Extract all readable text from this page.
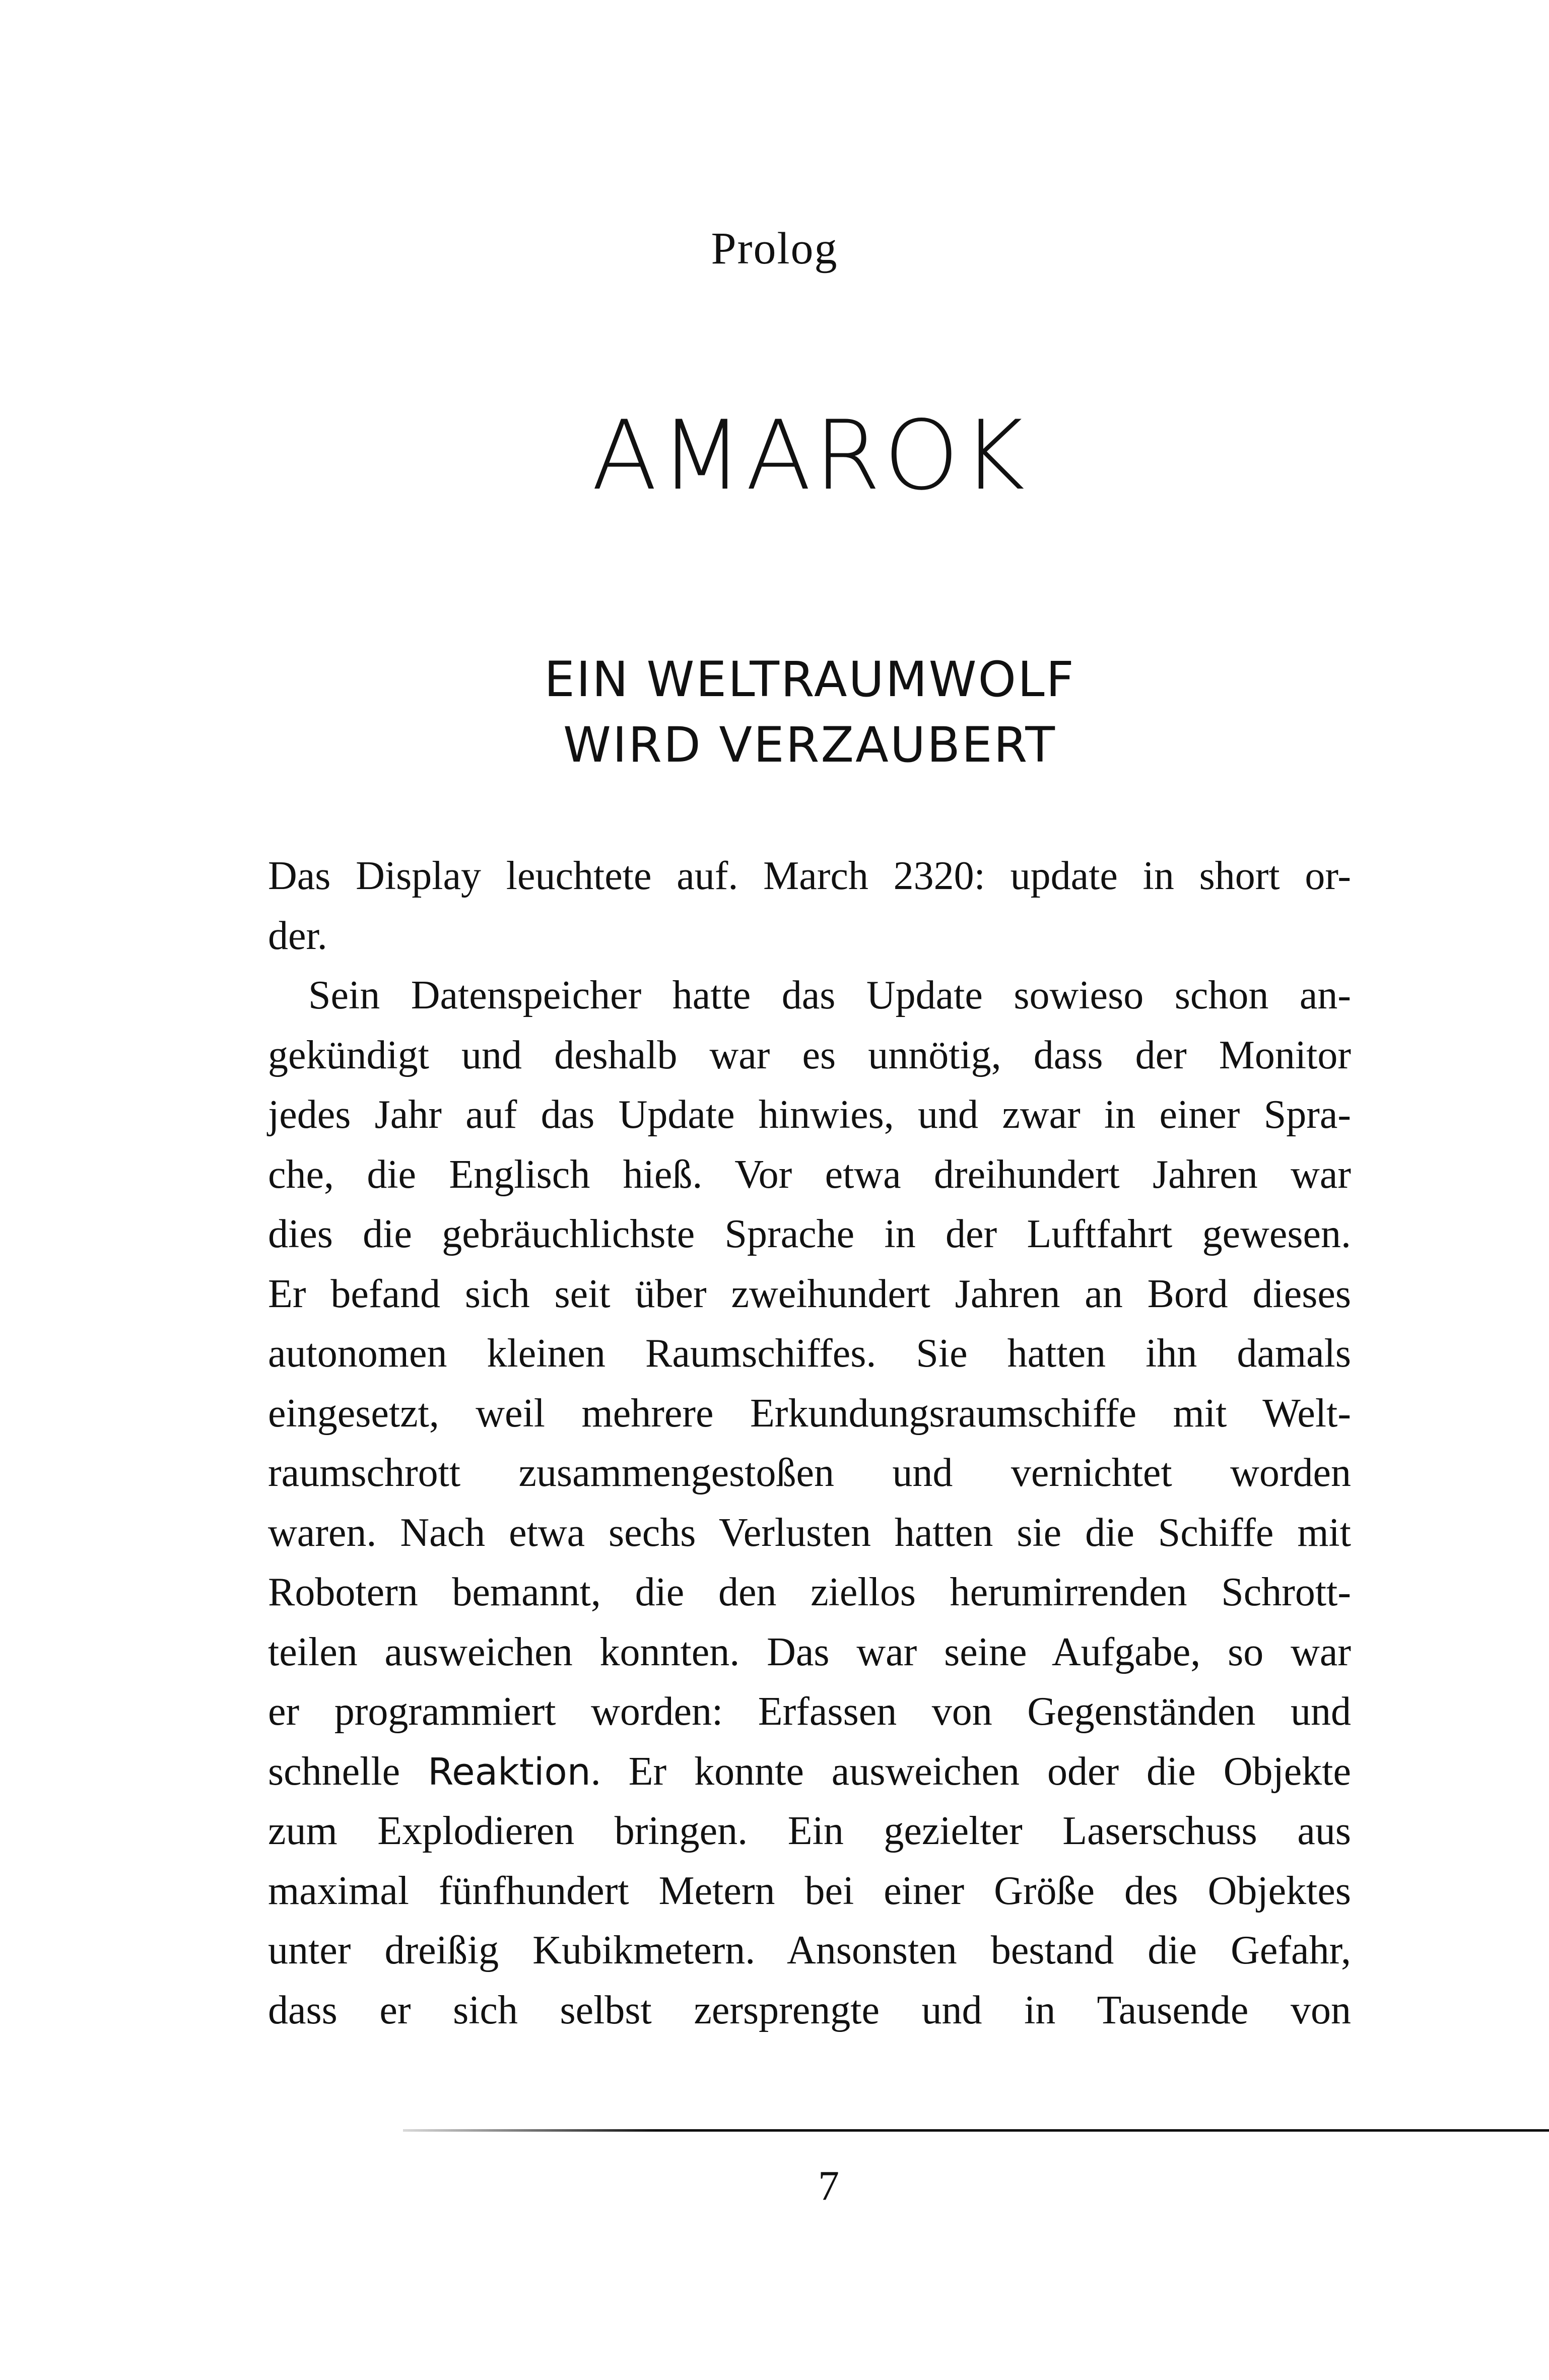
Prolog
AMAROK
EIN WELTRAUMWOLF
WIRD VERZAUBERT
Das Display leuchtete auf. March 2320: update in short or-
der.
Sein Datenspeicher hatte das Update sowieso schon an-
gekündigt und deshalb war es unnötig, dass der Monitor
jedes Jahr auf das Update hinwies, und zwar in einer Spra-
che, die Englisch hieß. Vor etwa dreihundert Jahren war
dies die gebräuchlichste Sprache in der Luftfahrt gewesen.
Er befand sich seit über zweihundert Jahren an Bord dieses
autonomen kleinen Raumschiffes. Sie hatten ihn damals
eingesetzt, weil mehrere Erkundungsraumschiffe mit Welt-
raumschrott zusammengestoßen und vernichtet worden
waren. Nach etwa sechs Verlusten hatten sie die Schiffe mit
Robotern bemannt, die den ziellos herumirrenden Schrott-
teilen ausweichen konnten. Das war seine Aufgabe, so war
er programmiert worden: Erfassen von Gegenständen und
schnelle Reaktion. Er konnte ausweichen oder die Objekte
zum Explodieren bringen. Ein gezielter Laserschuss aus
maximal fünfhundert Metern bei einer Größe des Objektes
unter dreißig Kubikmetern. Ansonsten bestand die Gefahr,
dass er sich selbst zersprengte und in Tausende von
7
